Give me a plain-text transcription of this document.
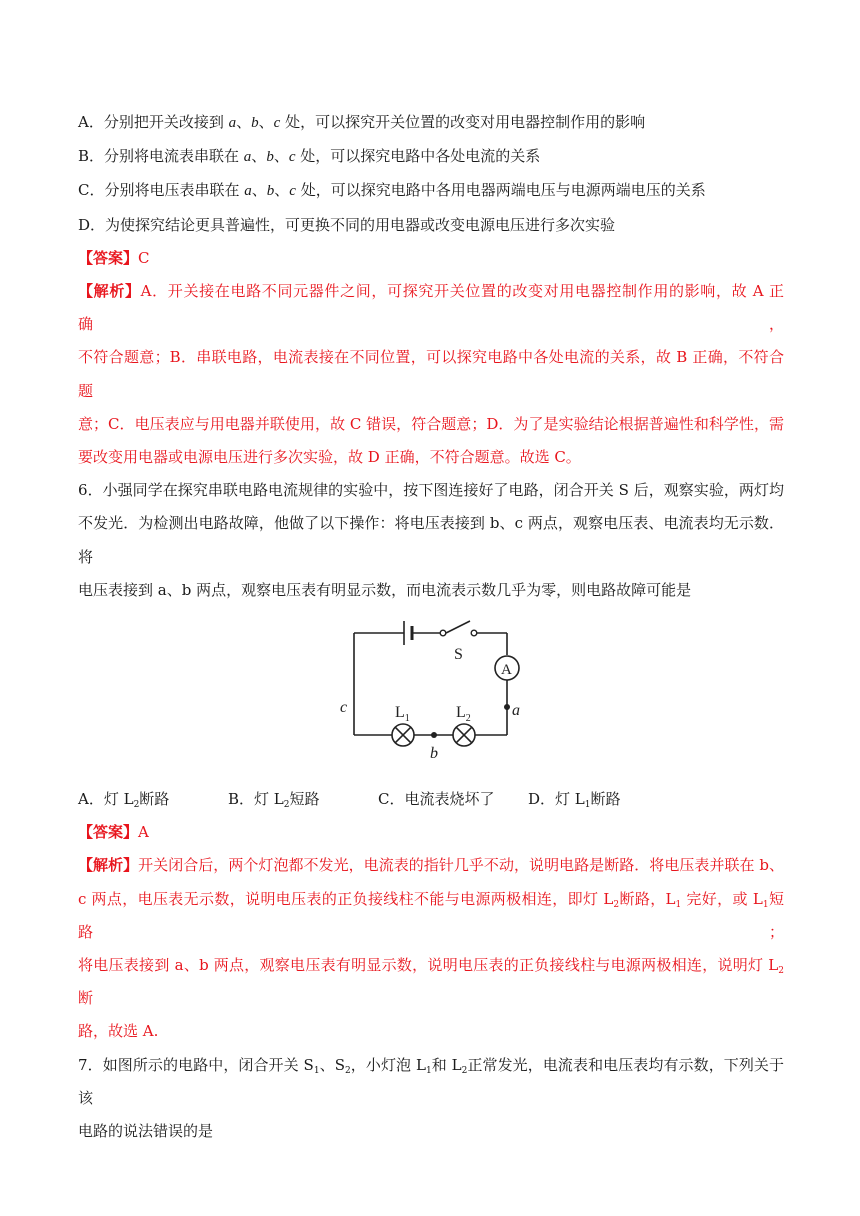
A．分别把开关改接到 a、b、c 处，可以探究开关位置的改变对用电器控制作用的影响
B．分别将电流表串联在 a、b、c 处，可以探究电路中各处电流的关系
C．分别将电压表串联在 a、b、c 处，可以探究电路中各用电器两端电压与电源两端电压的关系
D．为使探究结论更具普遍性，可更换不同的用电器或改变电源电压进行多次实验
【答案】C
【解析】A．开关接在电路不同元器件之间，可探究开关位置的改变对用电器控制作用的影响，故 A 正确，
不符合题意；B．串联电路，电流表接在不同位置，可以探究电路中各处电流的关系，故 B 正确，不符合题
意；C．电压表应与用电器并联使用，故 C 错误，符合题意；D．为了是实验结论根据普遍性和科学性，需
要改变用电器或电源电压进行多次实验，故 D 正确，不符合题意。故选 C。
6．小强同学在探究串联电路电流规律的实验中，按下图连接好了电路，闭合开关 S 后，观察实验，两灯均
不发光．为检测出电路故障，他做了以下操作：将电压表接到 b、c 两点，观察电压表、电流表均无示数．将
电压表接到 a、b 两点，观察电压表有明显示数，而电流表示数几乎为零，则电路故障可能是
S
A
$L_1$	$L_2$	a
b
c
A．灯 $L_2$断路	B．灯 $L_2$短路	C．电流表烧坏了 D．灯 $L_1$断路
【答案】A
【解析】开关闭合后，两个灯泡都不发光，电流表的指针几乎不动，说明电路是断路．将电压表并联在 b、
c 两点，电压表无示数，说明电压表的正负接线柱不能与电源两极相连，即灯 $L_2$断路，$L_1$ 完好，或 $L_1$短路；
将电压表接到 a、b 两点，观察电压表有明显示数，说明电压表的正负接线柱与电源两极相连，说明灯 $L_2$ 断
路，故选 A.
7．如图所示的电路中，闭合开关 $S_1$、$S_2$，小灯泡 $L_1$和 $L_2$正常发光，电流表和电压表均有示数，下列关于该
电路的说法错误的是
